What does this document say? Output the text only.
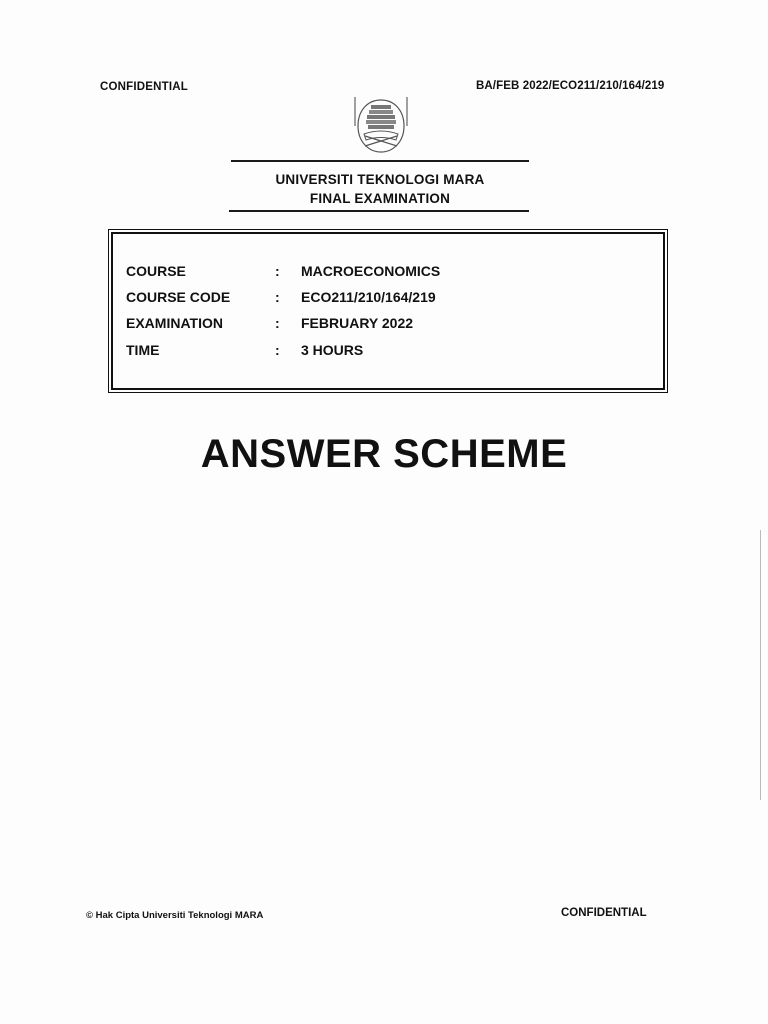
CONFIDENTIAL	BA/FEB 2022/ECO211/210/164/219
UNIVERSITI TEKNOLOGI MARA
FINAL EXAMINATION
COURSE	: MACROECONOMICS
COURSE CODE	: ECO211/210/164/219
EXAMINATION	: FEBRUARY 2022
TIME	: 3 HOURS
ANSWER SCHEME
© Hak Cipta Universiti Teknologi MARA	CONFIDENTIAL
